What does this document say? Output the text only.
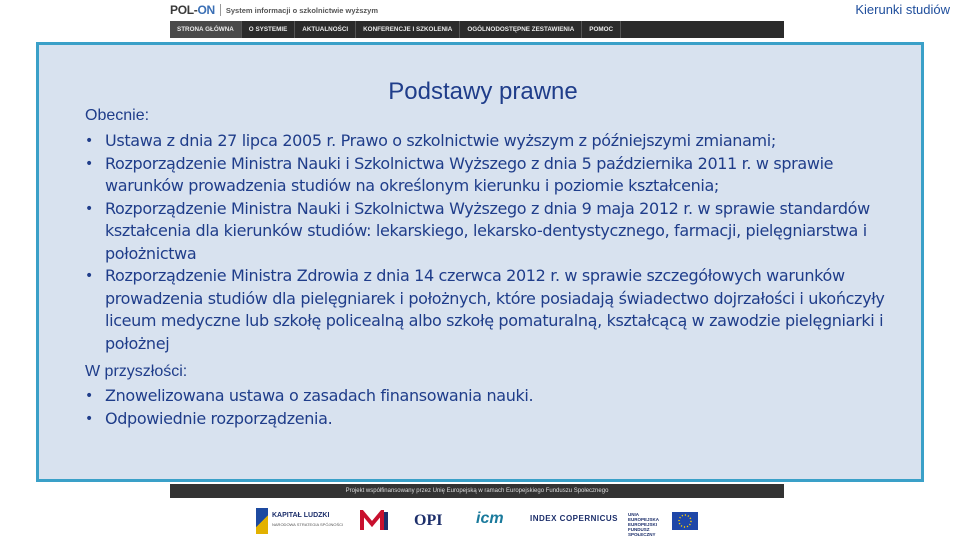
POL-ON System informacji o szkolnictwie wyższym	Kierunki studiów
STRONA GŁÓWNA	O SYSTEMIE	AKTUALNOŚCI	KONFERENCJE I SZKOLENIA	OGÓLNODOSTĘPNE ZESTAWIENIA	POMOC
Podstawy prawne
Obecnie:
• Ustawa z dnia 27 lipca 2005 r. Prawo o szkolnictwie wyższym z późniejszymi zmianami;
• Rozporządzenie Ministra Nauki i Szkolnictwa Wyższego z dnia 5 października 2011 r. w sprawie warunków prowadzenia studiów na określonym kierunku i poziomie kształcenia;
• Rozporządzenie Ministra Nauki i Szkolnictwa Wyższego z dnia 9 maja 2012 r. w sprawie standardów kształcenia dla kierunków studiów: lekarskiego, lekarsko-dentystycznego, farmacji, pielęgniarstwa i położnictwa
• Rozporządzenie Ministra Zdrowia z dnia 14 czerwca 2012 r. w sprawie szczegółowych warunków prowadzenia studiów dla pielęgniarek i położnych, które posiadają świadectwo dojrzałości i ukończyły liceum medyczne lub szkołę policealną albo szkołę pomaturalną, kształcącą w zawodzie pielęgniarki i położnej
W przyszłości:
• Znowelizowana ustawa o zasadach finansowania nauki.
• Odpowiednie rozporządzenia.
Projekt współfinansowany przez Unię Europejską w ramach Europejskiego Funduszu Społecznego
KAPITAŁ LUDZKI
NARODOWA STRATEGIA SPÓJNOŚCI	OPI icm	INDEX COPERNICUS UNIA EUROPEJSKA EUROPEJSKI FUNDUSZ SPOŁECZNY
